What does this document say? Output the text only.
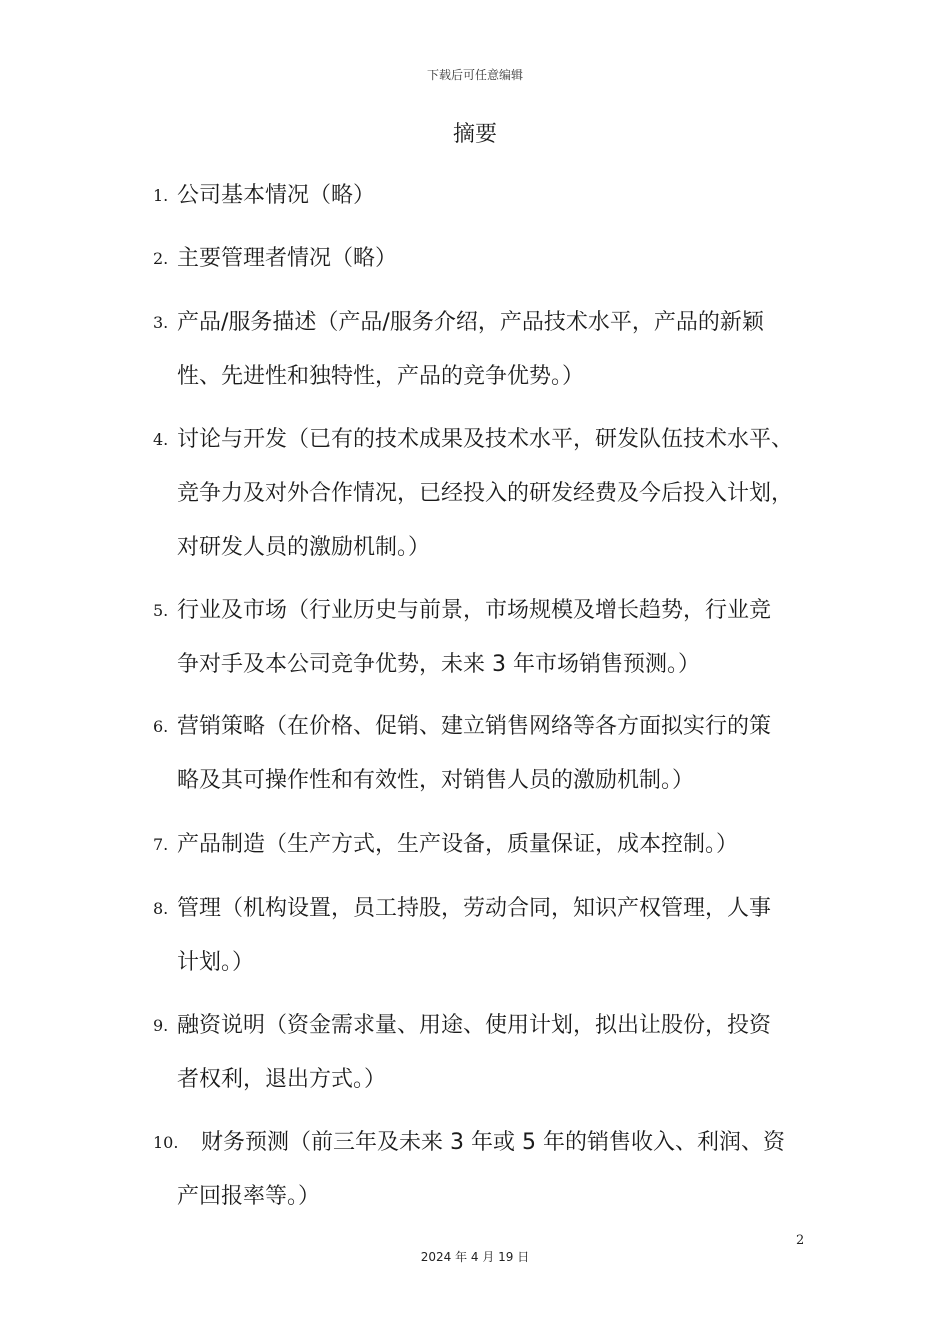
下载后可任意编辑
摘要
1. 公司基本情况（略）
2. 主要管理者情况（略）
3. 产品/服务描述（产品/服务介绍，产品技术水平，产品的新颖
性、先进性和独特性，产品的竞争优势。）
4. 讨论与开发（已有的技术成果及技术水平，研发队伍技术水平、
竞争力及对外合作情况，已经投入的研发经费及今后投入计划，
对研发人员的激励机制。）
5. 行业及市场（行业历史与前景，市场规模及增长趋势，行业竞
争对手及本公司竞争优势，未来 3 年市场销售预测。）
6. 营销策略（在价格、促销、建立销售网络等各方面拟实行的策
略及其可操作性和有效性，对销售人员的激励机制。）
7. 产品制造（生产方式，生产设备，质量保证，成本控制。）
8. 管理（机构设置，员工持股，劳动合同，知识产权管理，人事
计划。）
9. 融资说明（资金需求量、用途、使用计划，拟出让股份，投资
者权利，退出方式。）
10. 财务预测（前三年及未来 3 年或 5 年的销售收入、利润、资
产回报率等。）
2
2024 年 4 月 19 日
